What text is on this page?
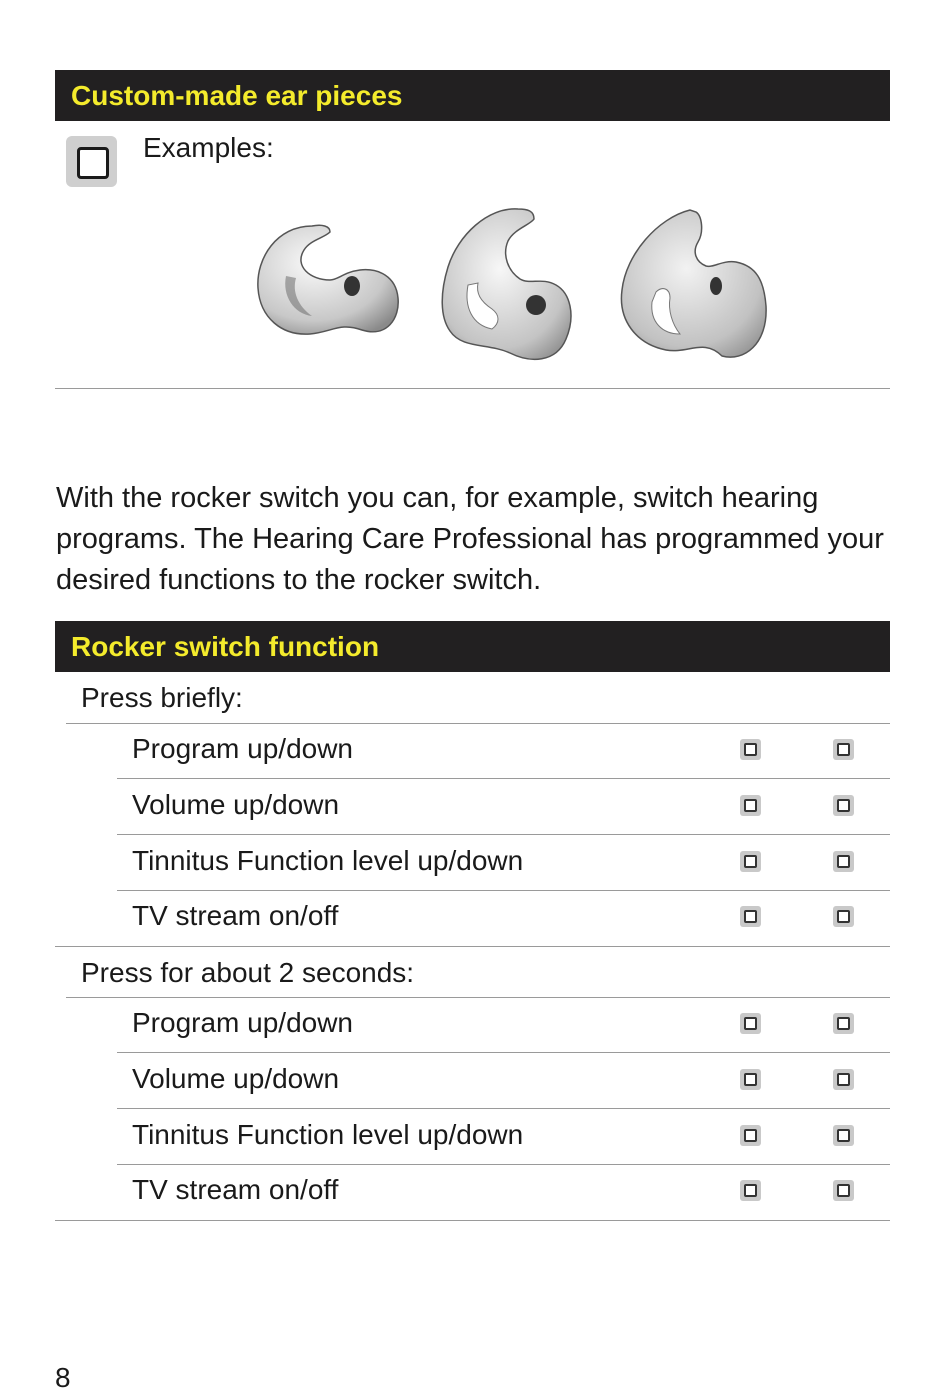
Custom-made ear pieces
Examples:

With the rocker switch you can, for example, switch hearing programs. The Hearing Care Professional has programmed your desired functions to the rocker switch.

Rocker switch function
Press briefly:
Program up/down
Volume up/down
Tinnitus Function level up/down
TV stream on/off
Press for about 2 seconds:
Program up/down
Volume up/down
Tinnitus Function level up/down
TV stream on/off
8
